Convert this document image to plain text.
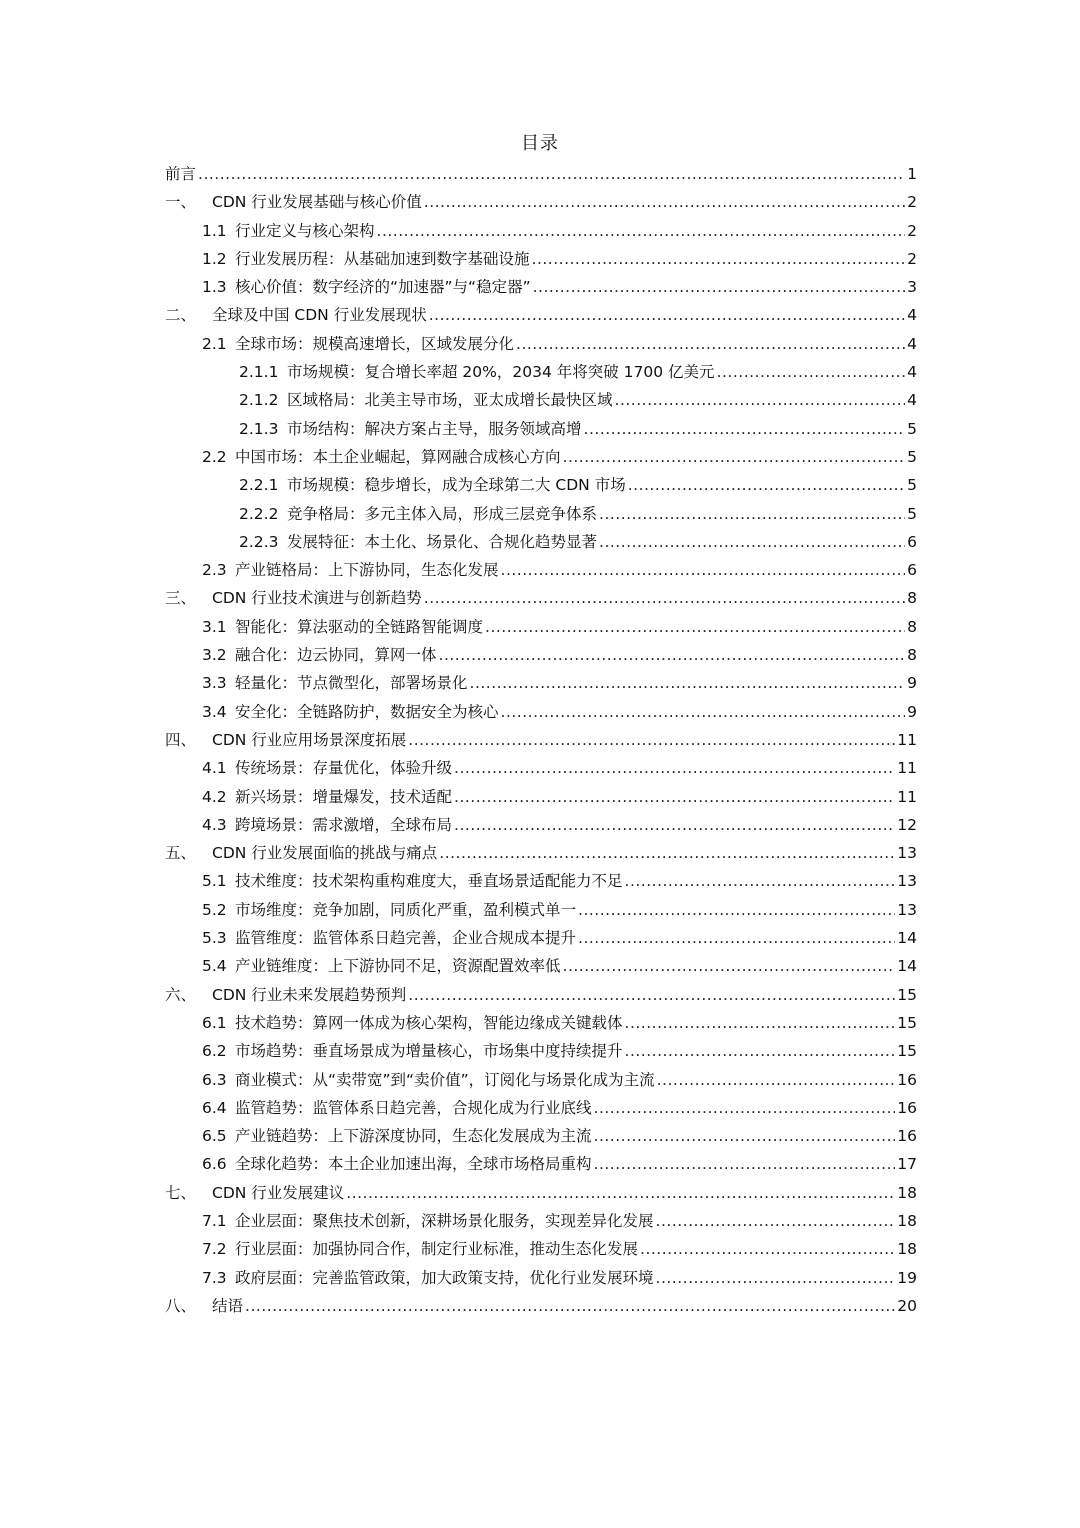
目录
前言 .....	1
一、	CDN 行业发展基础与核心价值 .....	2
1.1 行业定义与核心架构 .....	2
1.2 行业发展历程：从基础加速到数字基础设施 .....	2
1.3 核心价值：数字经济的“加速器”与“稳定器” .....	3
二、	全球及中国 CDN 行业发展现状 .....	4
2.1 全球市场：规模高速增长，区域发展分化 .....	4
2.1.1 市场规模：复合增长率超 20%，2034 年将突破 1700 亿美元 .....	4
2.1.2 区域格局：北美主导市场，亚太成增长最快区域 .....	4
2.1.3 市场结构：解决方案占主导，服务领域高增 .....	5
2.2 中国市场：本土企业崛起，算网融合成核心方向 .....	5
2.2.1 市场规模：稳步增长，成为全球第二大 CDN 市场 .....	5
2.2.2 竞争格局：多元主体入局，形成三层竞争体系 .....	5
2.2.3 发展特征：本土化、场景化、合规化趋势显著 .....	6
2.3 产业链格局：上下游协同，生态化发展 .....	6
三、	CDN 行业技术演进与创新趋势 .....	8
3.1 智能化：算法驱动的全链路智能调度 .....	8
3.2 融合化：边云协同，算网一体 .....	8
3.3 轻量化：节点微型化，部署场景化 .....	9
3.4 安全化：全链路防护，数据安全为核心 .....	9
四、	CDN 行业应用场景深度拓展 .....	11
4.1 传统场景：存量优化，体验升级 .....	11
4.2 新兴场景：增量爆发，技术适配 .....	11
4.3 跨境场景：需求激增，全球布局 .....	12
五、	CDN 行业发展面临的挑战与痛点 .....	13
5.1 技术维度：技术架构重构难度大，垂直场景适配能力不足 .....	13
5.2 市场维度：竞争加剧，同质化严重，盈利模式单一 .....	13
5.3 监管维度：监管体系日趋完善，企业合规成本提升 .....	14
5.4 产业链维度：上下游协同不足，资源配置效率低 .....	14
六、	CDN 行业未来发展趋势预判 .....	15
6.1 技术趋势：算网一体成为核心架构，智能边缘成关键载体 .....	15
6.2 市场趋势：垂直场景成为增量核心，市场集中度持续提升 .....	15
6.3 商业模式：从“卖带宽”到“卖价值”，订阅化与场景化成为主流 .....	16
6.4 监管趋势：监管体系日趋完善，合规化成为行业底线 .....	16
6.5 产业链趋势：上下游深度协同，生态化发展成为主流 .....	16
6.6 全球化趋势：本土企业加速出海，全球市场格局重构 .....	17
七、	CDN 行业发展建议 .....	18
7.1 企业层面：聚焦技术创新，深耕场景化服务，实现差异化发展 .....	18
7.2 行业层面：加强协同合作，制定行业标准，推动生态化发展 .....	18
7.3 政府层面：完善监管政策，加大政策支持，优化行业发展环境 .....	19
八、	结语 .....	20
